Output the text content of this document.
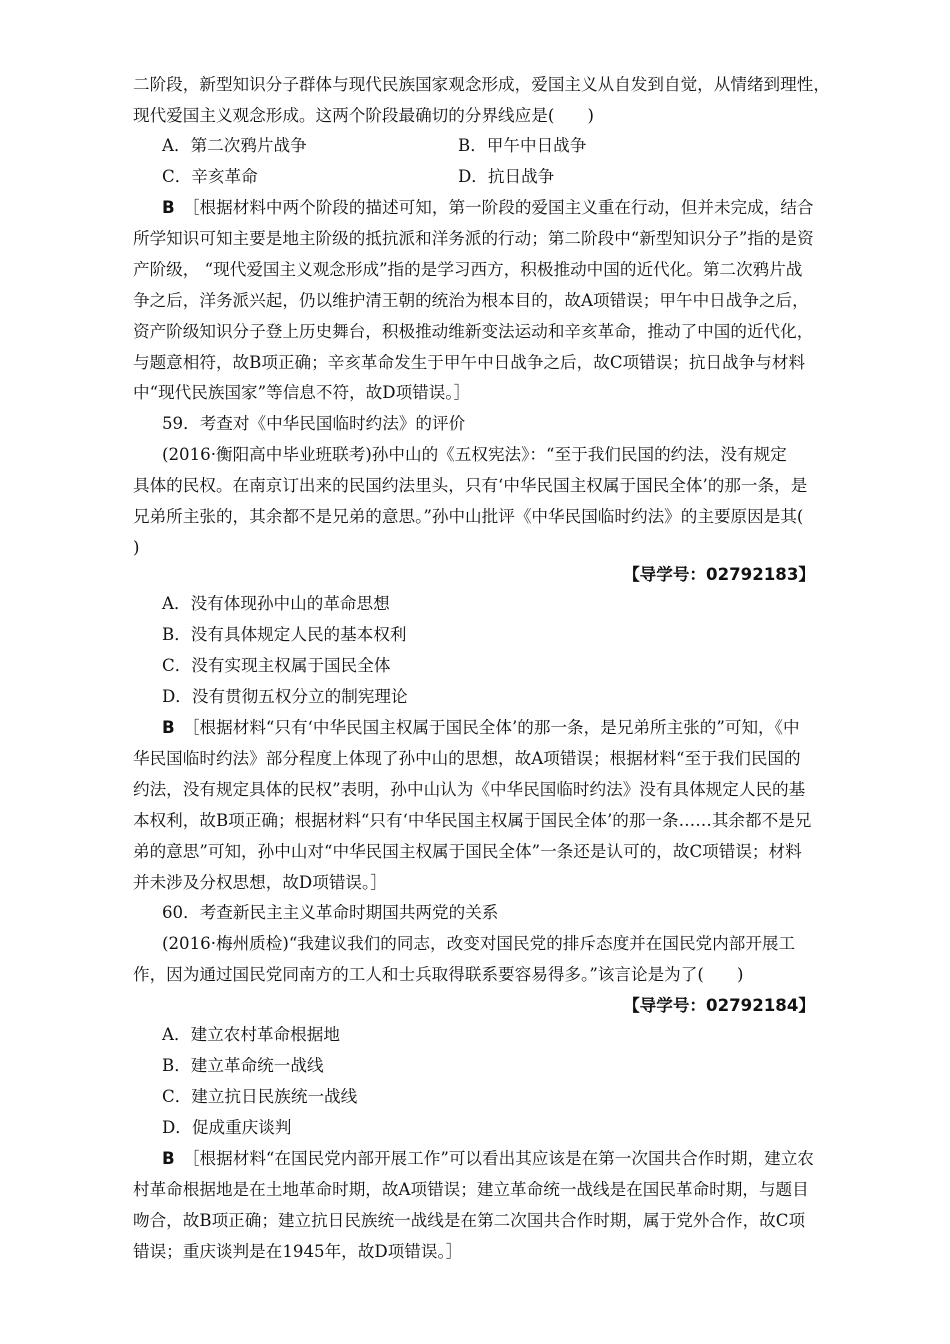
二阶段，新型知识分子群体与现代民族国家观念形成，爱国主义从自发到自觉，从情绪到理性，
现代爱国主义观念形成。这两个阶段最确切的分界线应是(　　)
A．第二次鸦片战争	B．甲午中日战争
C．辛亥革命	D．抗日战争
B  ［根据材料中两个阶段的描述可知，第一阶段的爱国主义重在行动，但并未完成，结合
所学知识可知主要是地主阶级的抵抗派和洋务派的行动；第二阶段中“新型知识分子”指的是资
产阶级， “现代爱国主义观念形成”指的是学习西方，积极推动中国的近代化。第二次鸦片战
争之后，洋务派兴起，仍以维护清王朝的统治为根本目的，故A项错误；甲午中日战争之后，
资产阶级知识分子登上历史舞台，积极推动维新变法运动和辛亥革命，推动了中国的近代化，
与题意相符，故B项正确；辛亥革命发生于甲午中日战争之后，故C项错误；抗日战争与材料
中“现代民族国家”等信息不符，故D项错误。］
59．考查对《中华民国临时约法》的评价
(2016·衡阳高中毕业班联考)孙中山的《五权宪法》：“至于我们民国的约法，没有规定
具体的民权。在南京订出来的民国约法里头，只有‘中华民国主权属于国民全体’的那一条，是
兄弟所主张的，其余都不是兄弟的意思。”孙中山批评《中华民国临时约法》的主要原因是其(
)
【导学号：02792183】
A．没有体现孙中山的革命思想
B．没有具体规定人民的基本权利
C．没有实现主权属于国民全体
D．没有贯彻五权分立的制宪理论
B  ［根据材料“只有‘中华民国主权属于国民全体’的那一条，是兄弟所主张的”可知，《中
华民国临时约法》部分程度上体现了孙中山的思想，故A项错误；根据材料“至于我们民国的
约法，没有规定具体的民权”表明，孙中山认为《中华民国临时约法》没有具体规定人民的基
本权利，故B项正确；根据材料“只有‘中华民国主权属于国民全体’的那一条……其余都不是兄
弟的意思”可知，孙中山对“中华民国主权属于国民全体”一条还是认可的，故C项错误；材料
并未涉及分权思想，故D项错误。］
60．考查新民主主义革命时期国共两党的关系
(2016·梅州质检)“我建议我们的同志，改变对国民党的排斥态度并在国民党内部开展工
作，因为通过国民党同南方的工人和士兵取得联系要容易得多。”该言论是为了(　　)
【导学号：02792184】
A．建立农村革命根据地
B．建立革命统一战线
C．建立抗日民族统一战线
D．促成重庆谈判
B  ［根据材料“在国民党内部开展工作”可以看出其应该是在第一次国共合作时期，建立农
村革命根据地是在土地革命时期，故A项错误；建立革命统一战线是在国民革命时期，与题目
吻合，故B项正确；建立抗日民族统一战线是在第二次国共合作时期，属于党外合作，故C项
错误；重庆谈判是在1945年，故D项错误。］
